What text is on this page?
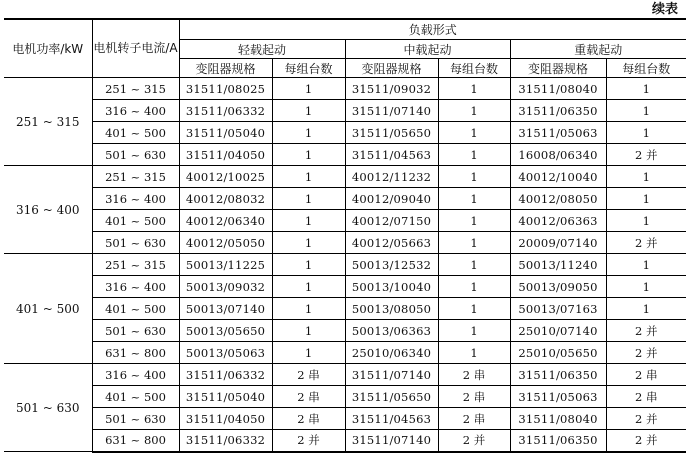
续表
电机功率/kW	电机转子电流/A	负载形式					
		轻载起动		中载起动		重载起动	
		变阻器规格	每组台数	变阻器规格	每组台数	变阻器规格	每组台数
251 ~ 315	251 ~ 315	31511/08025	1	31511/09032	1	31511/08040	1
	316 ~ 400	31511/06332	1	31511/07140	1	31511/06350	1
	401 ~ 500	31511/05040	1	31511/05650	1	31511/05063	1
	501 ~ 630	31511/04050	1	31511/04563	1	16008/06340	2 并
316 ~ 400	251 ~ 315	40012/10025	1	40012/11232	1	40012/10040	1
	316 ~ 400	40012/08032	1	40012/09040	1	40012/08050	1
	401 ~ 500	40012/06340	1	40012/07150	1	40012/06363	1
	501 ~ 630	40012/05050	1	40012/05663	1	20009/07140	2 并
401 ~ 500	251 ~ 315	50013/11225	1	50013/12532	1	50013/11240	1
	316 ~ 400	50013/09032	1	50013/10040	1	50013/09050	1
	401 ~ 500	50013/07140	1	50013/08050	1	50013/07163	1
	501 ~ 630	50013/05650	1	50013/06363	1	25010/07140	2 并
	631 ~ 800	50013/05063	1	25010/06340	1	25010/05650	2 并
501 ~ 630	316 ~ 400	31511/06332	2 串	31511/07140	2 串	31511/06350	2 串
	401 ~ 500	31511/05040	2 串	31511/05650	2 串	31511/05063	2 串
	501 ~ 630	31511/04050	2 串	31511/04563	2 串	31511/08040	2 并
	631 ~ 800	31511/06332	2 并	31511/07140	2 并	31511/06350	2 并
